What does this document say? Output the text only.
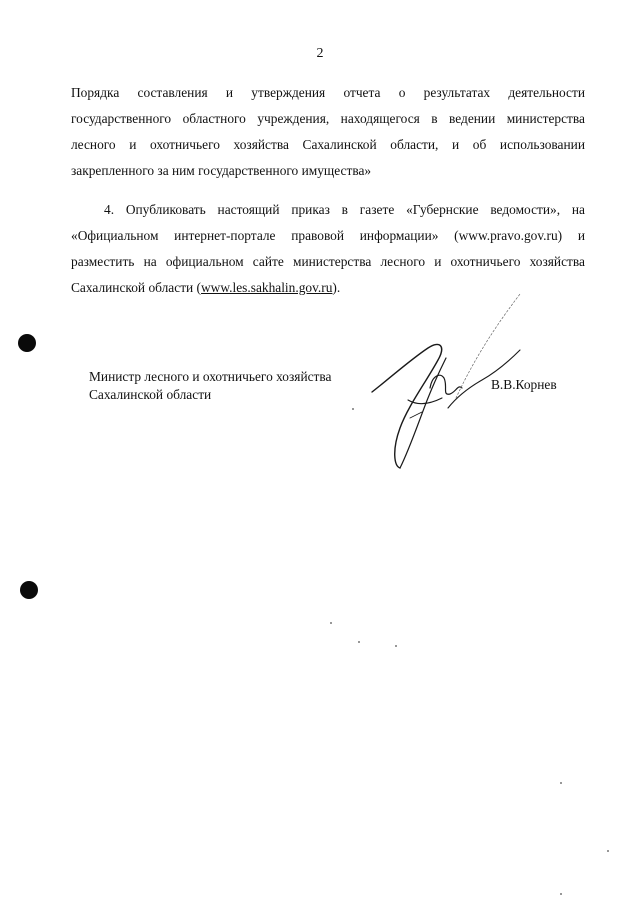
2
Порядка составления и утверждения отчета о результатах деятельности
государственного областного учреждения, находящегося в ведении министерства
лесного и охотничьего хозяйства Сахалинской области, и об использовании
закрепленного за ним государственного имущества»
4. Опубликовать настоящий приказ в газете «Губернские ведомости», на
«Официальном интернет-портале правовой информации» (www.pravo.gov.ru) и
разместить на официальном сайте министерства лесного и охотничьего хозяйства
Сахалинской области (www.les.sakhalin.gov.ru).
Министр лесного и охотничьего хозяйства
Сахалинской области
В.В.Корнев
